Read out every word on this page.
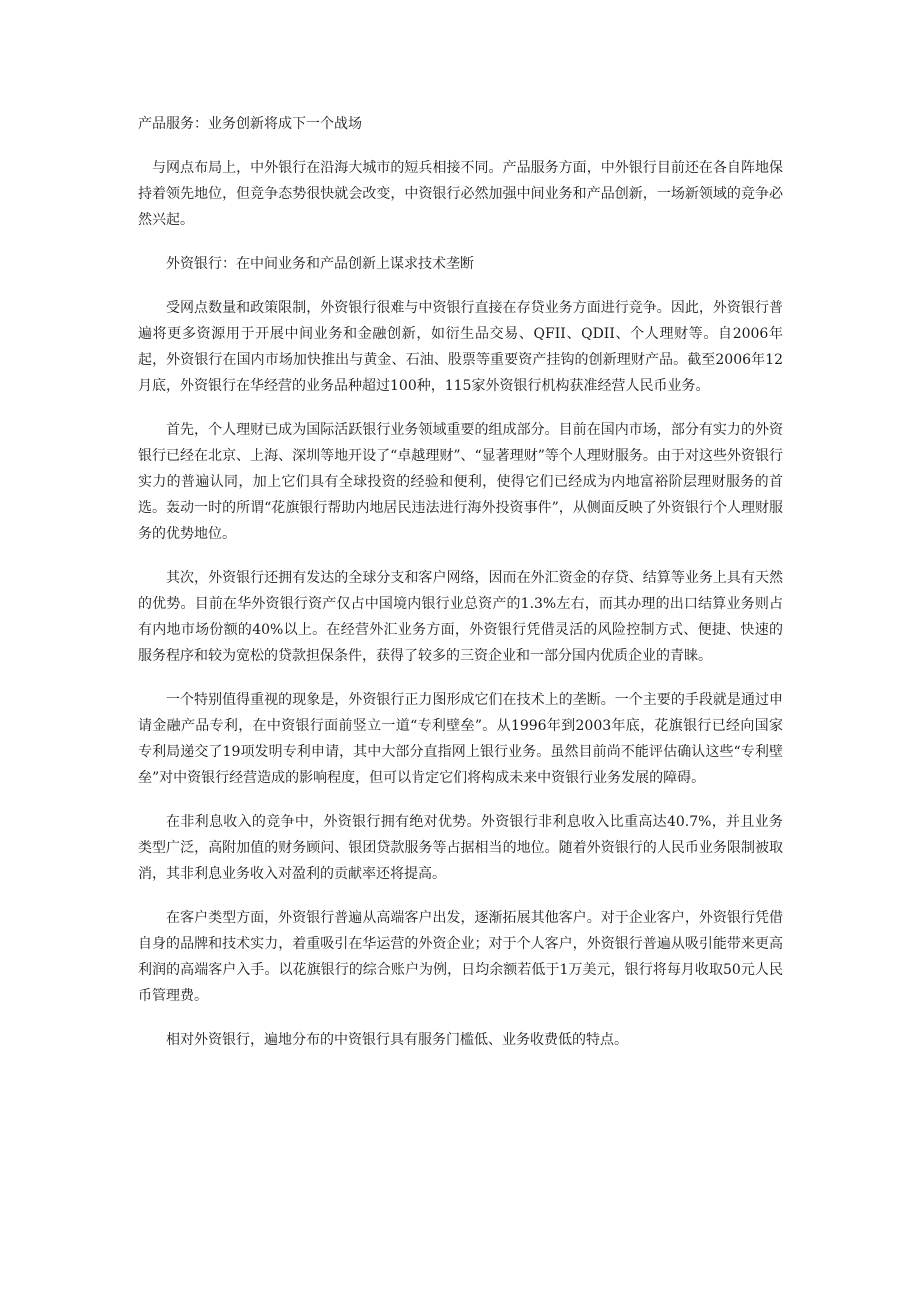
产品服务：业务创新将成下一个战场

与网点布局上，中外银行在沿海大城市的短兵相接不同。产品服务方面，中外银行目前还在各自阵地保持着领先地位，但竞争态势很快就会改变，中资银行必然加强中间业务和产品创新，一场新领域的竞争必然兴起。

外资银行：在中间业务和产品创新上谋求技术垄断

受网点数量和政策限制，外资银行很难与中资银行直接在存贷业务方面进行竞争。因此，外资银行普遍将更多资源用于开展中间业务和金融创新，如衍生品交易、QFII、QDII、个人理财等。自2006年起，外资银行在国内市场加快推出与黄金、石油、股票等重要资产挂钩的创新理财产品。截至2006年12月底，外资银行在华经营的业务品种超过100种，115家外资银行机构获准经营人民币业务。

首先，个人理财已成为国际活跃银行业务领域重要的组成部分。目前在国内市场，部分有实力的外资银行已经在北京、上海、深圳等地开设了“卓越理财”、“显著理财”等个人理财服务。由于对这些外资银行实力的普遍认同，加上它们具有全球投资的经验和便利，使得它们已经成为内地富裕阶层理财服务的首选。轰动一时的所谓“花旗银行帮助内地居民违法进行海外投资事件”，从侧面反映了外资银行个人理财服务的优势地位。

其次，外资银行还拥有发达的全球分支和客户网络，因而在外汇资金的存贷、结算等业务上具有天然的优势。目前在华外资银行资产仅占中国境内银行业总资产的1.3%左右，而其办理的出口结算业务则占有内地市场份额的40%以上。在经营外汇业务方面，外资银行凭借灵活的风险控制方式、便捷、快速的服务程序和较为宽松的贷款担保条件，获得了较多的三资企业和一部分国内优质企业的青睐。

一个特别值得重视的现象是，外资银行正力图形成它们在技术上的垄断。一个主要的手段就是通过申请金融产品专利，在中资银行面前竖立一道“专利壁垒”。从1996年到2003年底，花旗银行已经向国家专利局递交了19项发明专利申请，其中大部分直指网上银行业务。虽然目前尚不能评估确认这些“专利壁垒”对中资银行经营造成的影响程度，但可以肯定它们将构成未来中资银行业务发展的障碍。

在非利息收入的竞争中，外资银行拥有绝对优势。外资银行非利息收入比重高达40.7%，并且业务类型广泛，高附加值的财务顾问、银团贷款服务等占据相当的地位。随着外资银行的人民币业务限制被取消，其非利息业务收入对盈利的贡献率还将提高。

在客户类型方面，外资银行普遍从高端客户出发，逐渐拓展其他客户。对于企业客户，外资银行凭借自身的品牌和技术实力，着重吸引在华运营的外资企业；对于个人客户，外资银行普遍从吸引能带来更高利润的高端客户入手。以花旗银行的综合账户为例，日均余额若低于1万美元，银行将每月收取50元人民币管理费。

相对外资银行，遍地分布的中资银行具有服务门槛低、业务收费低的特点。
